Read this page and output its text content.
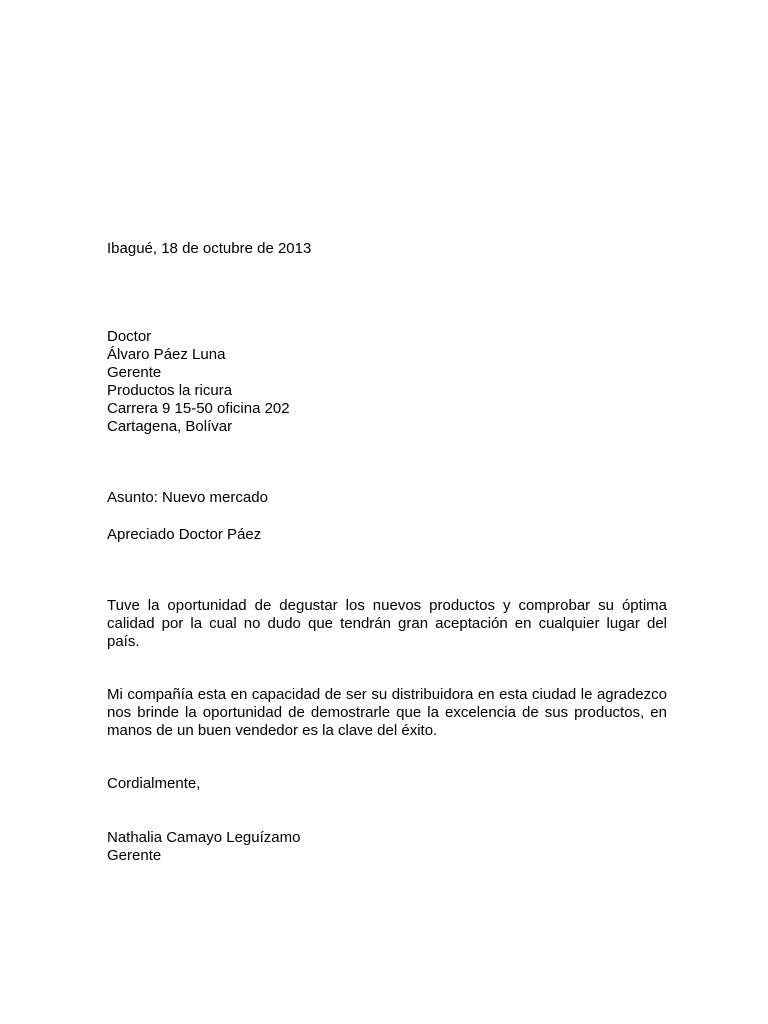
Ibagué, 18 de octubre de 2013
Doctor
Álvaro Páez Luna
Gerente
Productos la ricura
Carrera 9 15-50 oficina 202
Cartagena, Bolívar
Asunto: Nuevo mercado
Apreciado Doctor Páez
Tuve la oportunidad de degustar los nuevos productos y comprobar su óptima
calidad por la cual no dudo que tendrán gran aceptación en cualquier lugar del
país.
Mi compañía esta en capacidad de ser su distribuidora en esta ciudad le agradezco
nos brinde la oportunidad de demostrarle que la excelencia de sus productos, en
manos de un buen vendedor es la clave del éxito.
Cordialmente,
Nathalia Camayo Leguízamo
Gerente
